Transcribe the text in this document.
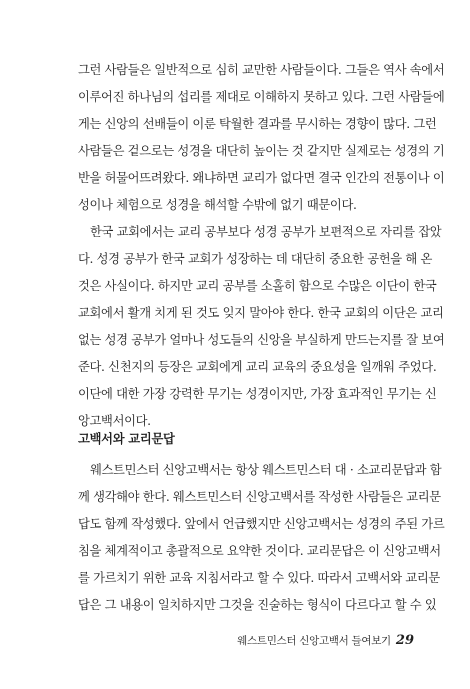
그런 사람들은 일반적으로 심히 교만한 사람들이다. 그들은 역사 속에서
이루어진 하나님의 섭리를 제대로 이해하지 못하고 있다. 그런 사람들에
게는 신앙의 선배들이 이룬 탁월한 결과를 무시하는 경향이 많다. 그런
사람들은 겉으로는 성경을 대단히 높이는 것 같지만 실제로는 성경의 기
반을 허물어뜨려왔다. 왜냐하면 교리가 없다면 결국 인간의 전통이나 이
성이나 체험으로 성경을 해석할 수밖에 없기 때문이다.
한국 교회에서는 교리 공부보다 성경 공부가 보편적으로 자리를 잡았
다. 성경 공부가 한국 교회가 성장하는 데 대단히 중요한 공헌을 해 온
것은 사실이다. 하지만 교리 공부를 소홀히 함으로 수많은 이단이 한국
교회에서 활개 치게 된 것도 잊지 말아야 한다. 한국 교회의 이단은 교리
없는 성경 공부가 얼마나 성도들의 신앙을 부실하게 만드는지를 잘 보여
준다. 신천지의 등장은 교회에게 교리 교육의 중요성을 일깨워 주었다.
이단에 대한 가장 강력한 무기는 성경이지만, 가장 효과적인 무기는 신
앙고백서이다.
고백서와 교리문답
웨스트민스터 신앙고백서는 항상 웨스트민스터 대 · 소교리문답과 함
께 생각해야 한다. 웨스트민스터 신앙고백서를 작성한 사람들은 교리문
답도 함께 작성했다. 앞에서 언급했지만 신앙고백서는 성경의 주된 가르
침을 체계적이고 총괄적으로 요약한 것이다. 교리문답은 이 신앙고백서
를 가르치기 위한 교육 지침서라고 할 수 있다. 따라서 고백서와 교리문
답은 그 내용이 일치하지만 그것을 진술하는 형식이 다르다고 할 수 있
웨스트민스터 신앙고백서 들여보기 29
